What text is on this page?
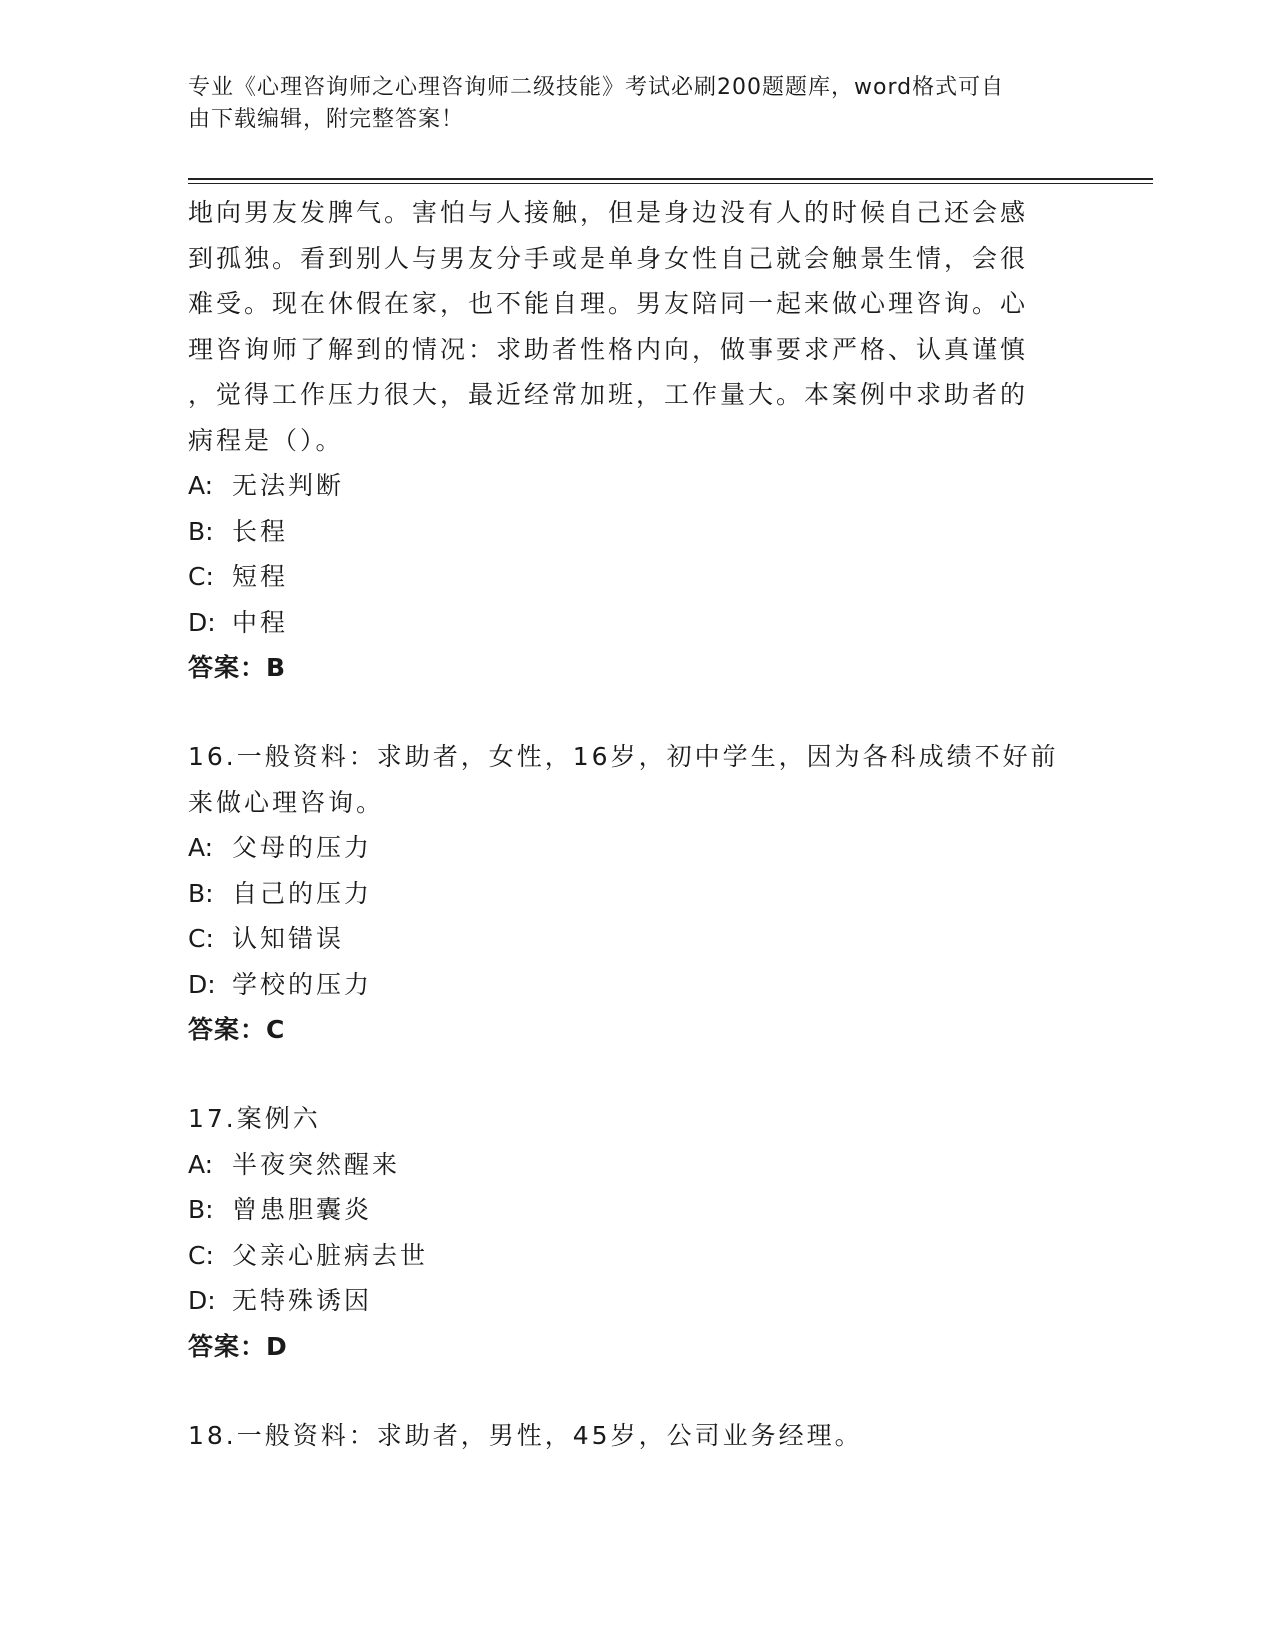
专业《心理咨询师之心理咨询师二级技能》考试必刷200题题库，word格式可自
由下载编辑，附完整答案！
地向男友发脾气。害怕与人接触，但是身边没有人的时候自己还会感
到孤独。看到别人与男友分手或是单身女性自己就会触景生情，会很
难受。现在休假在家，也不能自理。男友陪同一起来做心理咨询。心
理咨询师了解到的情况：求助者性格内向，做事要求严格、认真谨慎
，觉得工作压力很大，最近经常加班，工作量大。本案例中求助者的
病程是（）。
A: 无法判断
B: 长程
C: 短程
D: 中程
答案：B
16.一般资料：求助者，女性，16岁，初中学生，因为各科成绩不好前
来做心理咨询。
A: 父母的压力
B: 自己的压力
C: 认知错误
D: 学校的压力
答案：C
17.案例六
A: 半夜突然醒来
B: 曾患胆囊炎
C: 父亲心脏病去世
D: 无特殊诱因
答案：D
18.一般资料：求助者，男性，45岁，公司业务经理。
